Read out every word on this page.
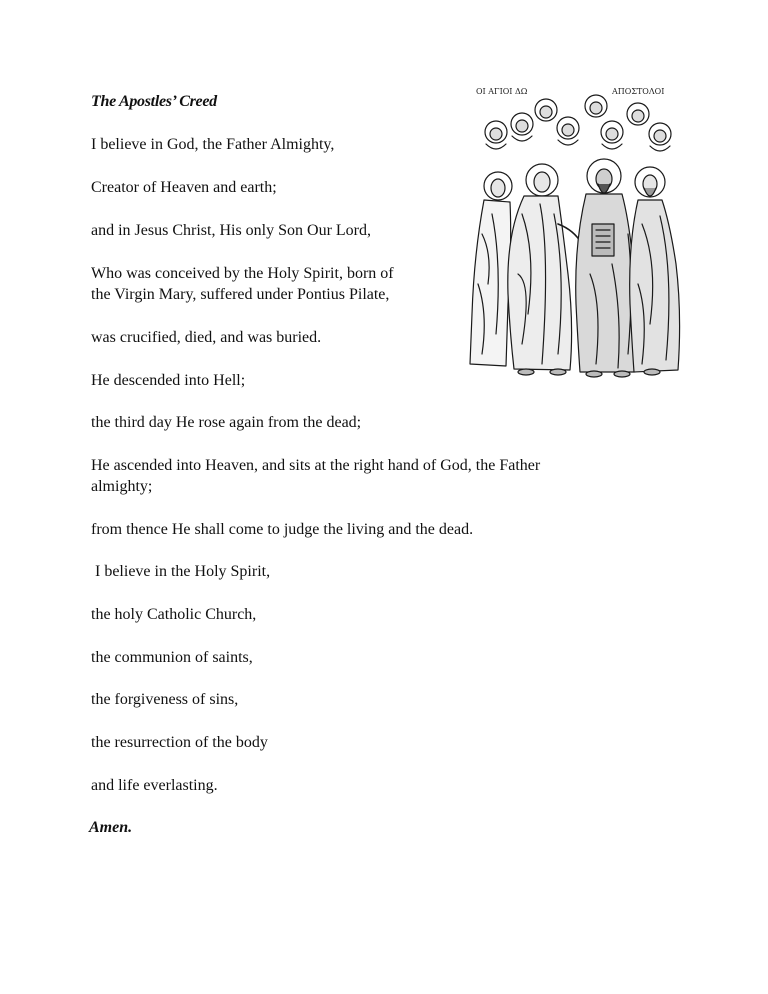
The Apostles’ Creed

I believe in God, the Father Almighty,

Creator of Heaven and earth;

and in Jesus Christ, His only Son Our Lord,

Who was conceived by the Holy Spirit, born of

the Virgin Mary, suffered under Pontius Pilate,

was crucified, died, and was buried.

He descended into Hell;

the third day He rose again from the dead;

He ascended into Heaven, and sits at the right hand of God, the Father

almighty;

from thence He shall come to judge the living and the dead.

I believe in the Holy Spirit,

the holy Catholic Church,

the communion of saints,

the forgiveness of sins,

the resurrection of the body

and life everlasting.

Amen.

ΟΙ ΑΓΙΟΙ ΔΩ	ΑΠΟΣΤΟΛΟΙ
